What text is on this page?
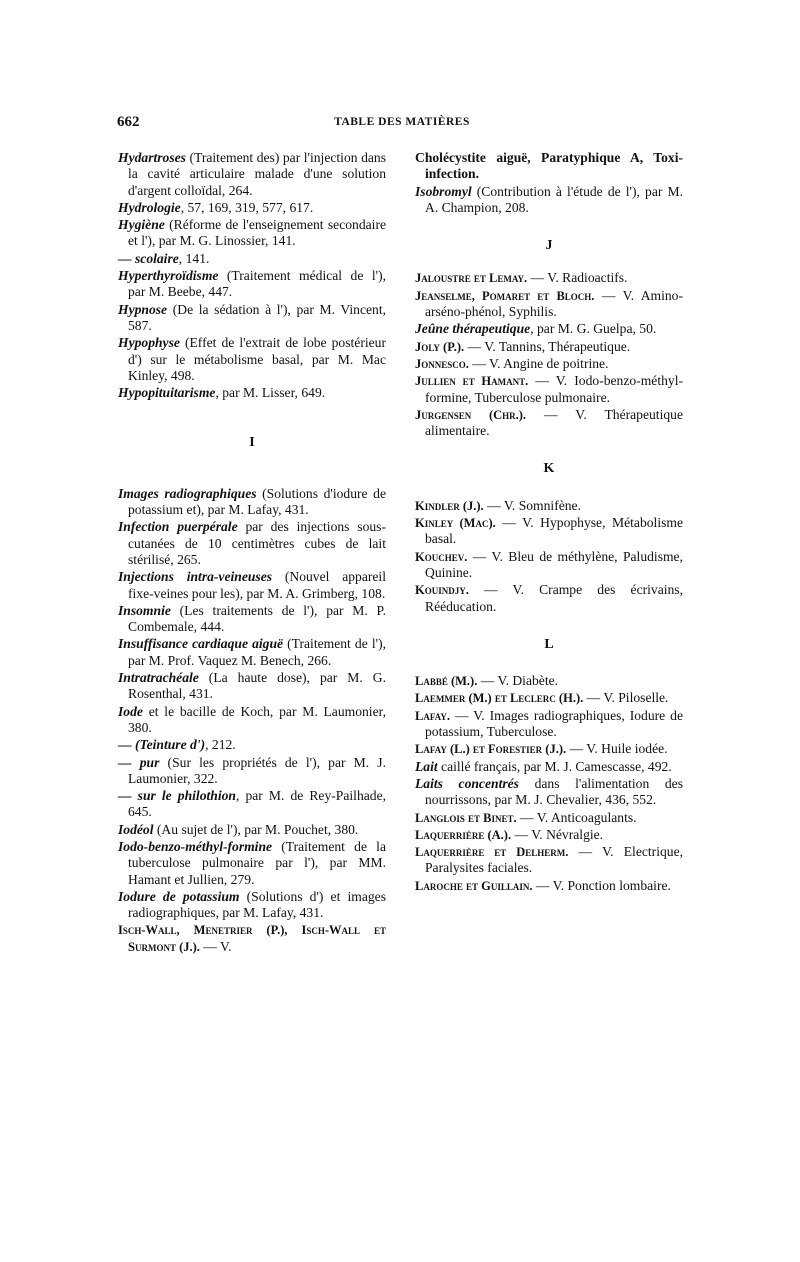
662	TABLE DES MATIÈRES

Hydartroses (Traitement des) par l'injection dans la cavité articulaire malade d'une solution d'argent colloïdal, 264.

Hydrologie, 57, 169, 319, 577, 617.

Hygiène (Réforme de l'enseignement secondaire et l'), par M. G. Linossier, 141.

— scolaire, 141.

Hyperthyroïdisme (Traitement médical de l'), par M. Beebe, 447.

Hypnose (De la sédation à l'), par M. Vincent, 587.

Hypophyse (Effet de l'extrait de lobe postérieur d') sur le métabolisme basal, par M. Mac Kinley, 498.

Hypopituitarisme, par M. Lisser, 649.

I

Images radiographiques (Solutions d'iodure de potassium et), par M. Lafay, 431.

Infection puerpérale par des injections sous-cutanées de 10 centimètres cubes de lait stérilisé, 265.

Injections intra-veineuses (Nouvel appareil fixe-veines pour les), par M. A. Grimberg, 108.

Insomnie (Les traitements de l'), par M. P. Combemale, 444.

Insuffisance cardiaque aiguë (Traitement de l'), par M. Prof. Vaquez M. Benech, 266.

Intratrachéale (La haute dose), par M. G. Rosenthal, 431.

Iode et le bacille de Koch, par M. Laumonier, 380.

— (Teinture d'), 212.

— pur (Sur les propriétés de l'), par M. J. Laumonier, 322.

— sur le philothion, par M. de Rey-Pailhade, 645.

Iodéol (Au sujet de l'), par M. Pouchet, 380.

Iodo-benzo-méthyl-formine (Traitement de la tuberculose pulmonaire par l'), par MM. Hamant et Jullien, 279.

Iodure de potassium (Solutions d') et images radiographiques, par M. Lafay, 431.

Isch-Wall, Menetrier (P.), Isch-Wall et Surmont (J.). — V.

Cholécystite aiguë, Paratyphique A, Toxi-infection.

Isobromyl (Contribution à l'étude de l'), par M. A. Champion, 208.

J

Jaloustre et Lemay. — V. Radioactifs.

Jeanselme, Pomaret et Bloch. — V. Amino-arséno-phénol, Syphilis.

Jeûne thérapeutique, par M. G. Guelpa, 50.

Joly (P.). — V. Tannins, Thérapeutique.

Jonnesco. — V. Angine de poitrine.

Jullien et Hamant. — V. Iodo-benzo-méthyl-formine, Tuberculose pulmonaire.

Jurgensen (Chr.). — V. Thérapeutique alimentaire.

K

Kindler (J.). — V. Somnifène.

Kinley (Mac). — V. Hypophyse, Métabolisme basal.

Kouchev. — V. Bleu de méthylène, Paludisme, Quinine.

Kouindjy. — V. Crampe des écrivains, Rééducation.

L

Labbé (M.). — V. Diabète.

Laemmer (M.) et Leclerc (H.). — V. Piloselle.

Lafay. — V. Images radiographiques, Iodure de potassium, Tuberculose.

Lafay (L.) et Forestier (J.). — V. Huile iodée.

Lait caillé français, par M. J. Camescasse, 492.

Laits concentrés dans l'alimentation des nourrissons, par M. J. Chevalier, 436, 552.

Langlois et Binet. — V. Anticoagulants.

Laquerrière (A.). — V. Névralgie.

Laquerrière et Delherm. — V. Electrique, Paralysites faciales.

Laroche et Guillain. — V. Ponction lombaire.
